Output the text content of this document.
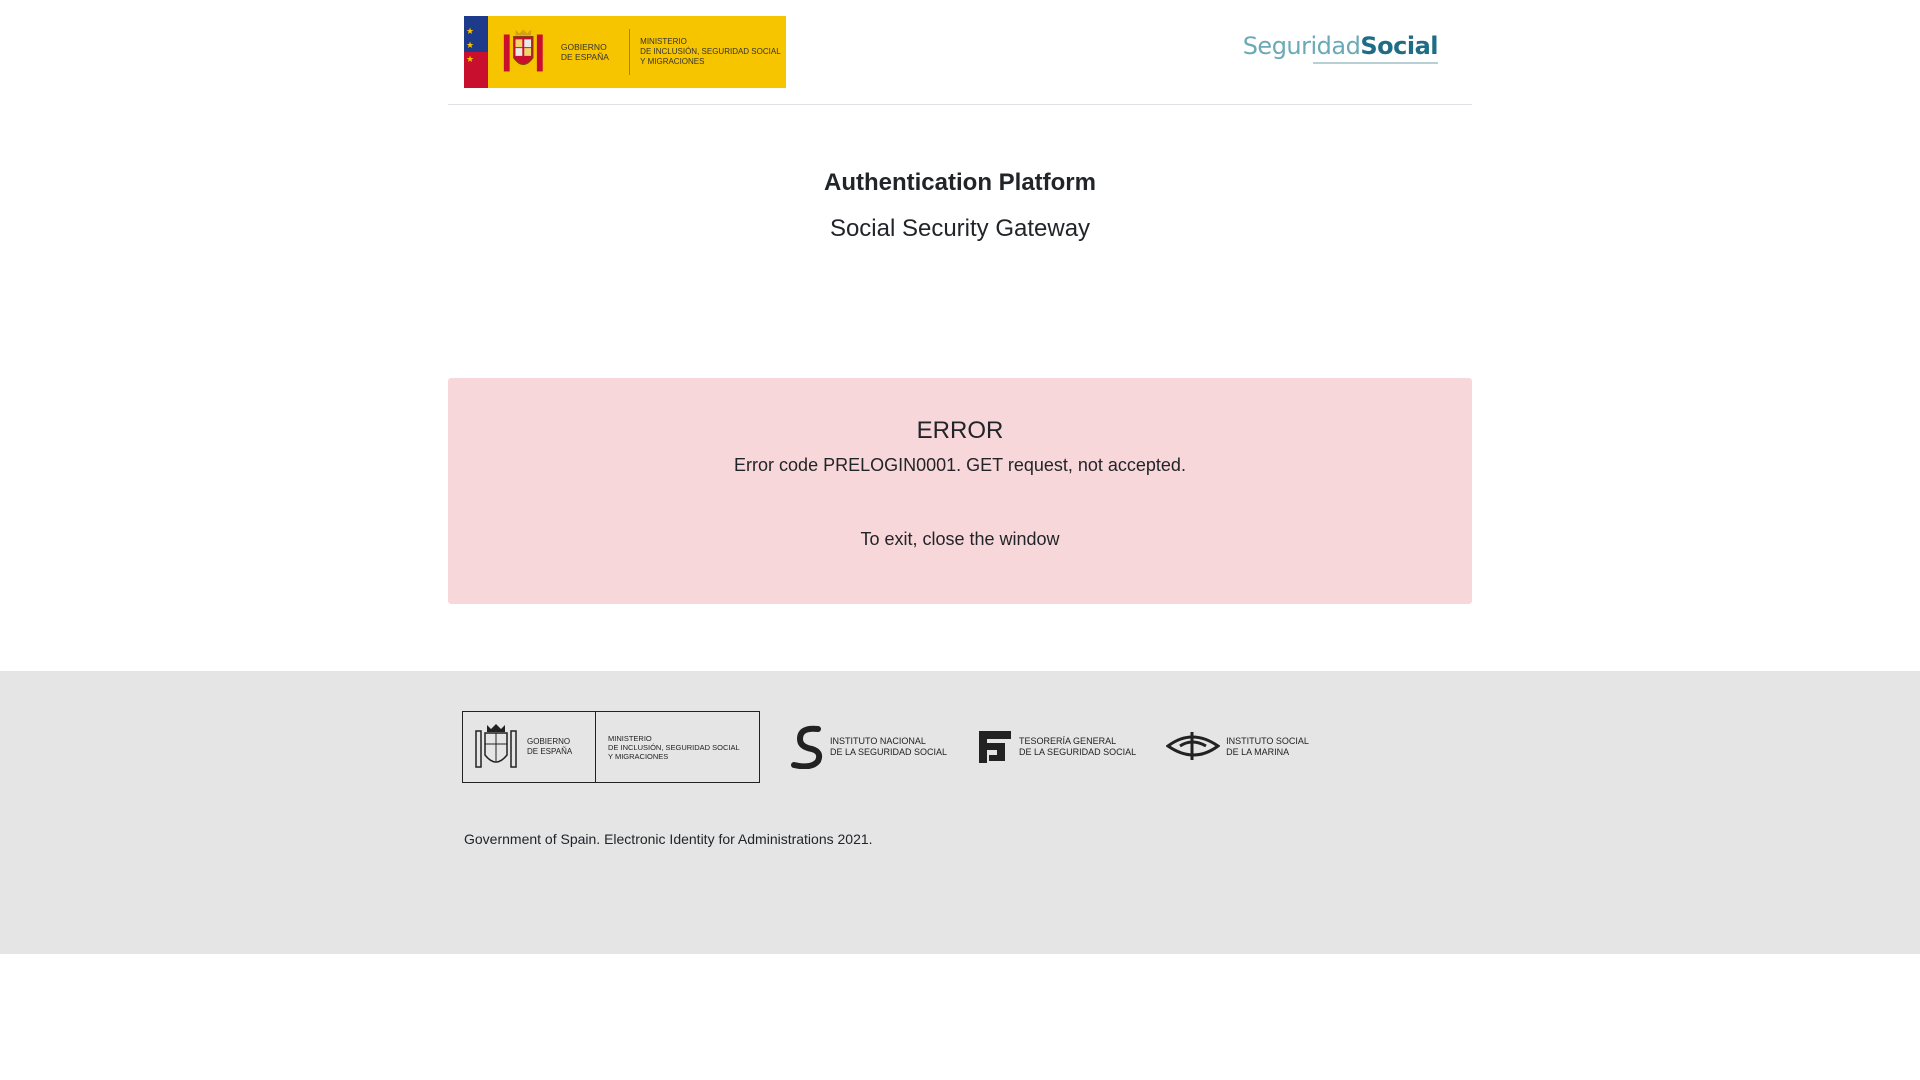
★ ★ ★
GOBIERNO
DE ESPAÑA
MINISTERIO
DE INCLUSIÓN, SEGURIDAD SOCIAL
Y MIGRACIONES
SeguridadSocial
Authentication Platform
Social Security Gateway

ERROR

Error code PRELOGIN0001. GET request, not accepted.

To exit, close the window

GOBIERNO
DE ESPAÑA
MINISTERIO
DE INCLUSIÓN, SEGURIDAD SOCIAL
Y MIGRACIONES
INSTITUTO NACIONAL
DE LA SEGURIDAD SOCIAL
TESORERÍA GENERAL
DE LA SEGURIDAD SOCIAL
INSTITUTO SOCIAL
DE LA MARINA
Government of Spain. Electronic Identity for Administrations 2021.
